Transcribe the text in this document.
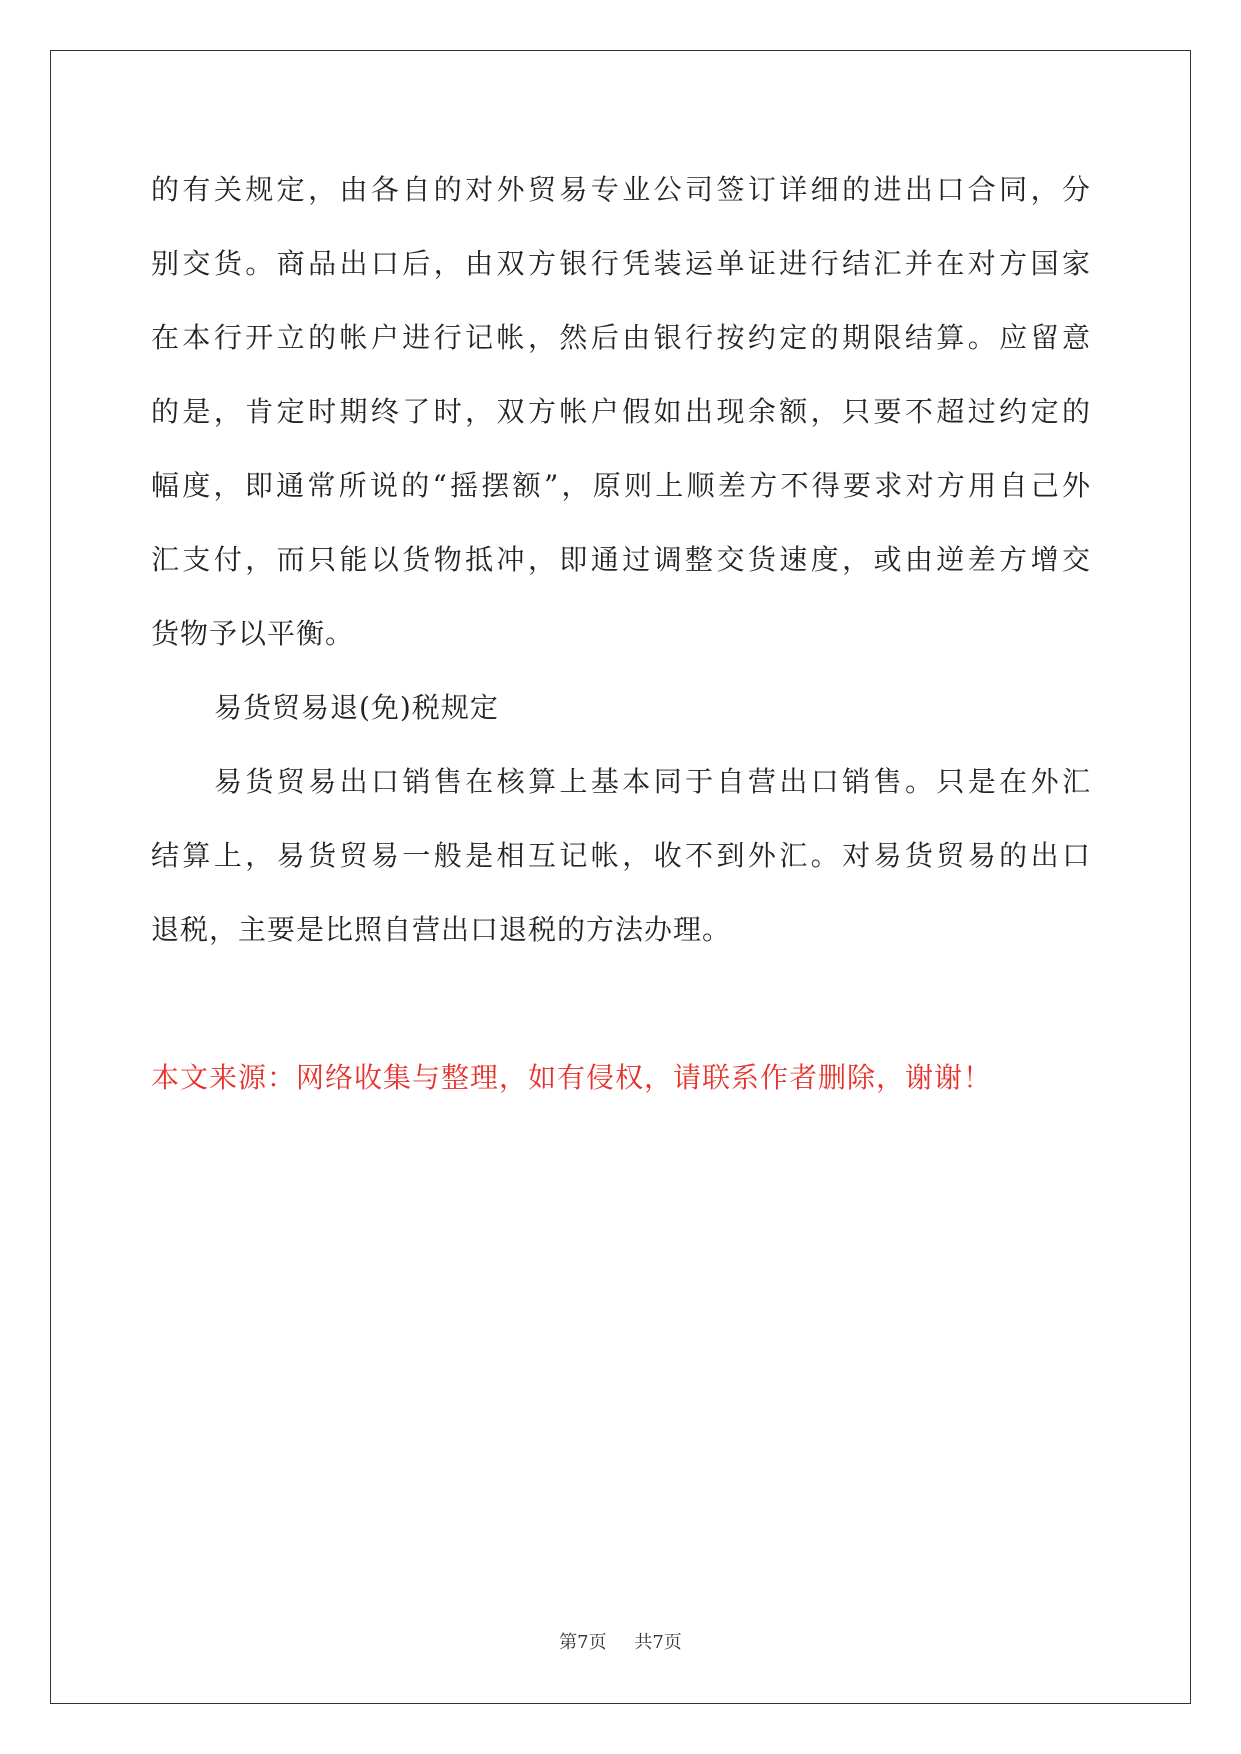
的有关规定，由各自的对外贸易专业公司签订详细的进出口合同，分
别交货。商品出口后，由双方银行凭装运单证进行结汇并在对方国家
在本行开立的帐户进行记帐，然后由银行按约定的期限结算。应留意
的是，肯定时期终了时，双方帐户假如出现余额，只要不超过约定的
幅度，即通常所说的“摇摆额”，原则上顺差方不得要求对方用自己外
汇支付，而只能以货物抵冲，即通过调整交货速度，或由逆差方增交
货物予以平衡。
易货贸易退(免)税规定
易货贸易出口销售在核算上基本同于自营出口销售。只是在外汇
结算上，易货贸易一般是相互记帐，收不到外汇。对易货贸易的出口
退税，主要是比照自营出口退税的方法办理。
本文来源：网络收集与整理，如有侵权，请联系作者删除，谢谢！
第7页 共7页
